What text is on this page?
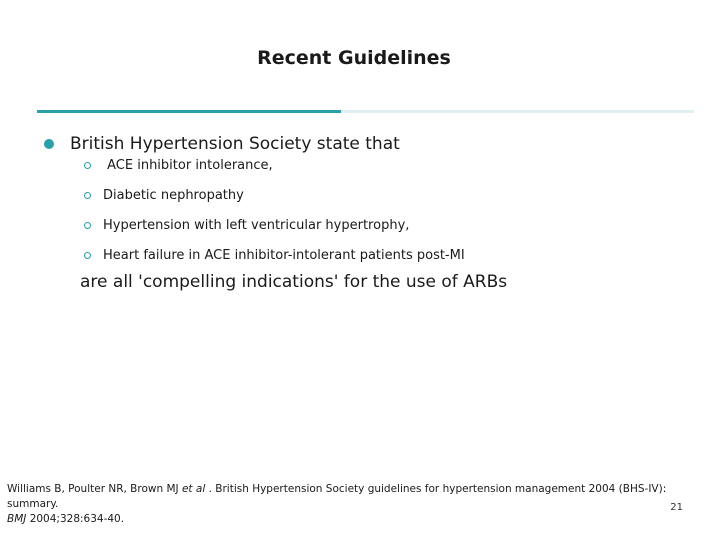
Recent Guidelines
British Hypertension Society state that
ACE inhibitor intolerance,
Diabetic nephropathy
Hypertension with left ventricular hypertrophy,
Heart failure in ACE inhibitor-intolerant patients post-MI
are all 'compelling indications' for the use of ARBs
Williams B, Poulter NR, Brown MJ et al . British Hypertension Society guidelines for hypertension management 2004 (BHS-IV): summary.
BMJ 2004;328:634-40.
21
